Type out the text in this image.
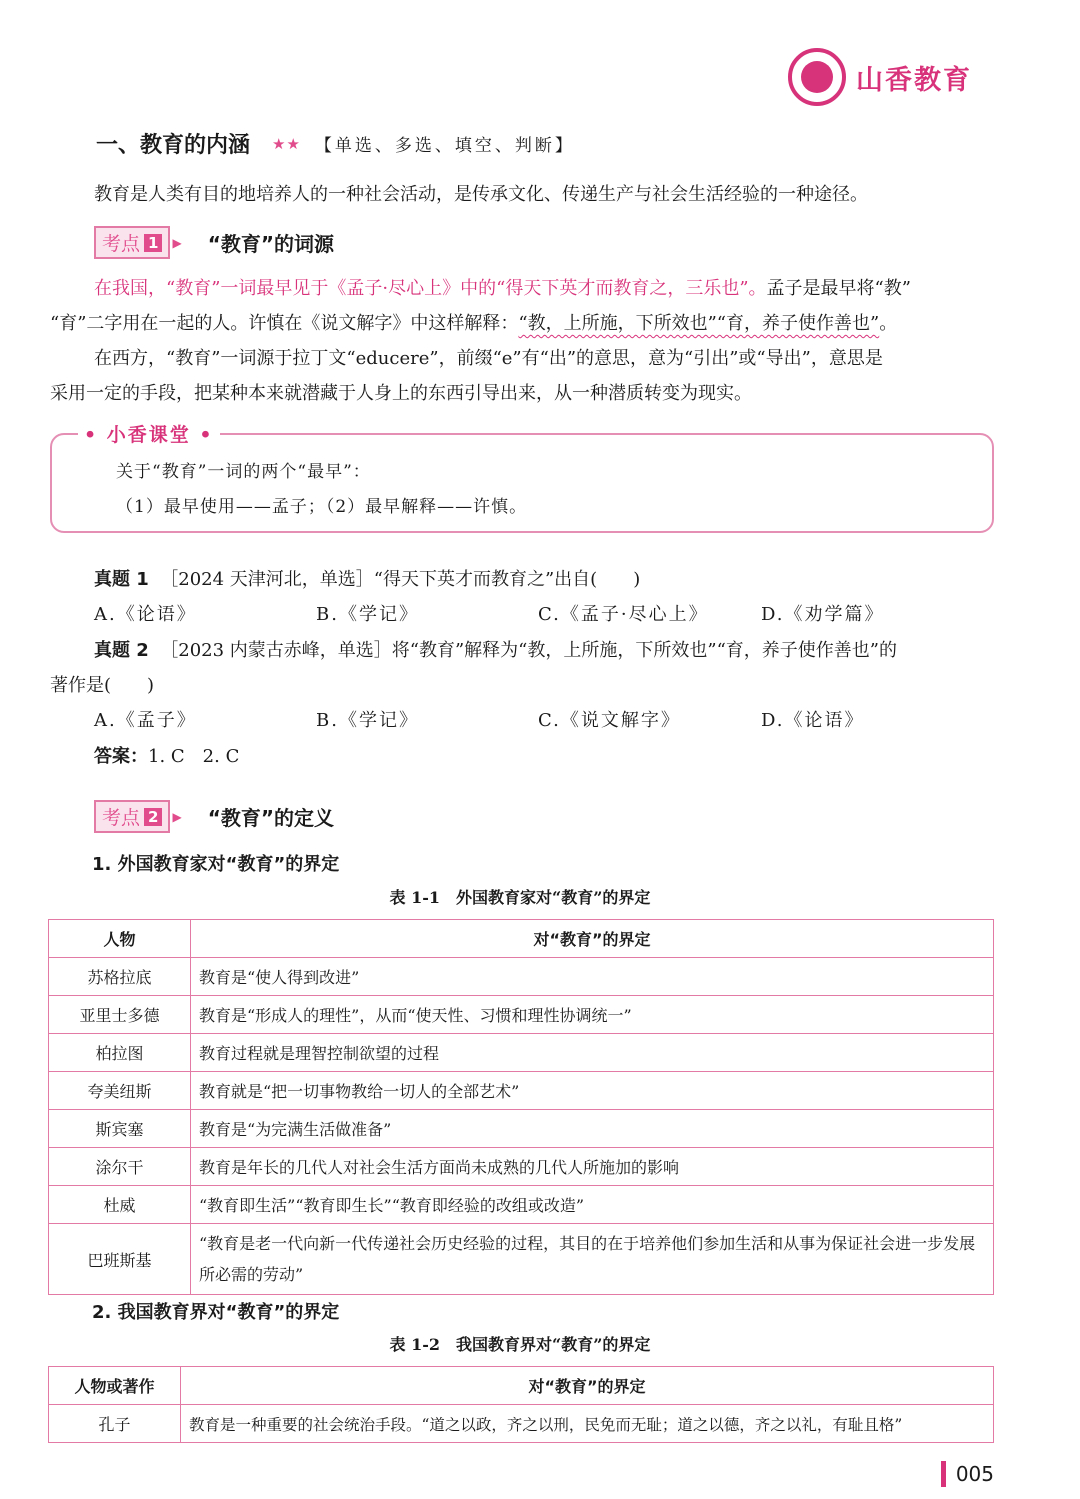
山香教育
一、教育的内涵 ★★ 【单选、多选、填空、判断】

教育是人类有目的地培养人的一种社会活动，是传承文化、传递生产与社会生活经验的一种途径。

考点 1	▶ “教育”的词源

在我国，“教育”一词最早见于《孟子·尽心上》中的“得天下英才而教育之，三乐也”。孟子是最早将“教”

“育”二字用在一起的人。许慎在《说文解字》中这样解释：“教，上所施，下所效也”“育，养子使作善也”。

在西方，“教育”一词源于拉丁文“educere”，前缀“e”有“出”的意思，意为“引出”或“导出”，意思是

采用一定的手段，把某种本来就潜藏于人身上的东西引导出来，从一种潜质转变为现实。

• 小香课堂 •
关于“教育”一词的两个“最早”：
（1）最早使用——孟子；（2）最早解释——许慎。
真题 1 ［2024 天津河北，单选］“得天下英才而教育之”出自(　　)
A.《论语》	B.《学记》	C.《孟子·尽心上》	D.《劝学篇》
真题 2 ［2023 内蒙古赤峰，单选］将“教育”解释为“教，上所施，下所效也”“育，养子使作善也”的
著作是(　　)
A.《孟子》	B.《学记》	C.《说文解字》	D.《论语》
答案：1. C　2. C
考点 2	▶ “教育”的定义
1. 外国教育家对“教育”的界定
表 1-1　外国教育家对“教育”的界定
人物	对“教育”的界定
苏格拉底	教育是“使人得到改进”
亚里士多德	教育是“形成人的理性”，从而“使天性、习惯和理性协调统一”
柏拉图	教育过程就是理智控制欲望的过程
夸美纽斯	教育就是“把一切事物教给一切人的全部艺术”
斯宾塞	教育是“为完满生活做准备”
涂尔干	教育是年长的几代人对社会生活方面尚未成熟的几代人所施加的影响
杜威	“教育即生活”“教育即生长”“教育即经验的改组或改造”
巴班斯基	“教育是老一代向新一代传递社会历史经验的过程，其目的在于培养他们参加生活和从事为保证社会进一步发展所必需的劳动”
2. 我国教育界对“教育”的界定
表 1-2　我国教育界对“教育”的界定
人物或著作	对“教育”的界定
孔子	教育是一种重要的社会统治手段。“道之以政，齐之以刑，民免而无耻；道之以德，齐之以礼，有耻且格”
005
